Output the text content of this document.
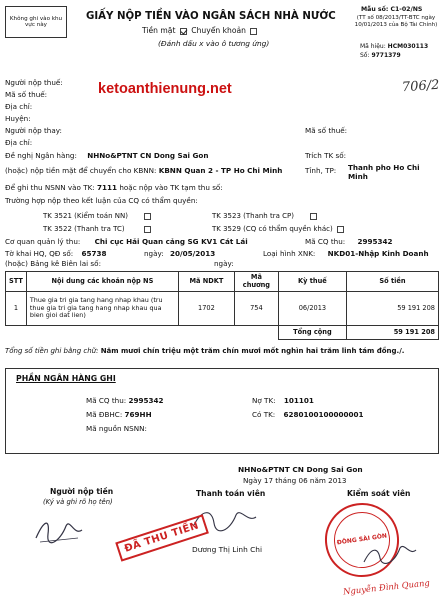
Không ghi vào khu vực này
GIẤY NỘP TIỀN VÀO NGÂN SÁCH NHÀ NƯỚC
Tiền mặt Chuyển khoản
(Đánh dấu x vào ô tương ứng)
Mẫu số: C1-02/NS
(TT số 08/2013/TT-BTC ngày 10/01/2013 của Bộ Tài Chính)
Mã hiệu: HCM030113
Số: 9771379
706/2
ketoanthienung.net
Người nộp thuế:
Mã số thuế:
Địa chỉ:
Huyện:
Người nộp thay:	Mã số thuế:
Địa chỉ:
Đề nghị Ngân hàng: NHNo&PTNT CN Dong Sai Gon	Trích TK số:
(hoặc) nộp tiền mặt để chuyển cho KBNN: KBNN Quan 2 - TP Ho Chi Minh	Tỉnh, TP: Thanh pho Ho Chi Minh
Để ghi thu NSNN vào TK: 7111 hoặc nộp vào TK tạm thu số:
Trường hợp nộp theo kết luận của CQ có thẩm quyền:
TK 3521 (Kiểm toán NN)	TK 3523 (Thanh tra CP)
TK 3522 (Thanh tra TC)	TK 3529 (CQ có thẩm quyền khác)
Cơ quan quản lý thu: Chi cục Hải Quan cảng SG KV1 Cát Lái	Mã CQ thu: 2995342
STT	Nội dung các khoản nộp NS	Mã NDKT	Mã chương	Kỳ thuế	Số tiền
1	Thue gia tri gia tang hang nhap khau (tru thue gia tri gia tang hang nhap khau qua bien gioi dat lien)	1702	754	06/2013	59 191 208
				Tổng cộng	59 191 208
Tờ khai HQ, QĐ số: 65738	ngày: 20/05/2013	Loại hình XNK: NKD01-Nhập Kinh Doanh
(hoặc) Bảng kê Biên lai số:	ngày:
Tổng số tiền ghi bằng chữ: Năm mươi chín triệu một trăm chín mươi mốt nghìn hai trăm linh tám đồng./.
PHẦN NGÂN HÀNG GHI
Mã CQ thu: 2995342
Mã ĐBHC: 769HH
Mã nguồn NSNN:
Nợ TK: 101101
Có TK: 6280100100000001
NHNo&PTNT CN Dong Sai Gon
Ngày 17 tháng 06 năm 2013
Người nộp tiền
(Ký và ghi rõ họ tên)
Thanh toán viên	Kiểm soát viên
ĐÃ THU TIỀN
Dương Thị Linh Chi
ĐÔNG SÀI GÒN
Nguyễn Đình Quang
